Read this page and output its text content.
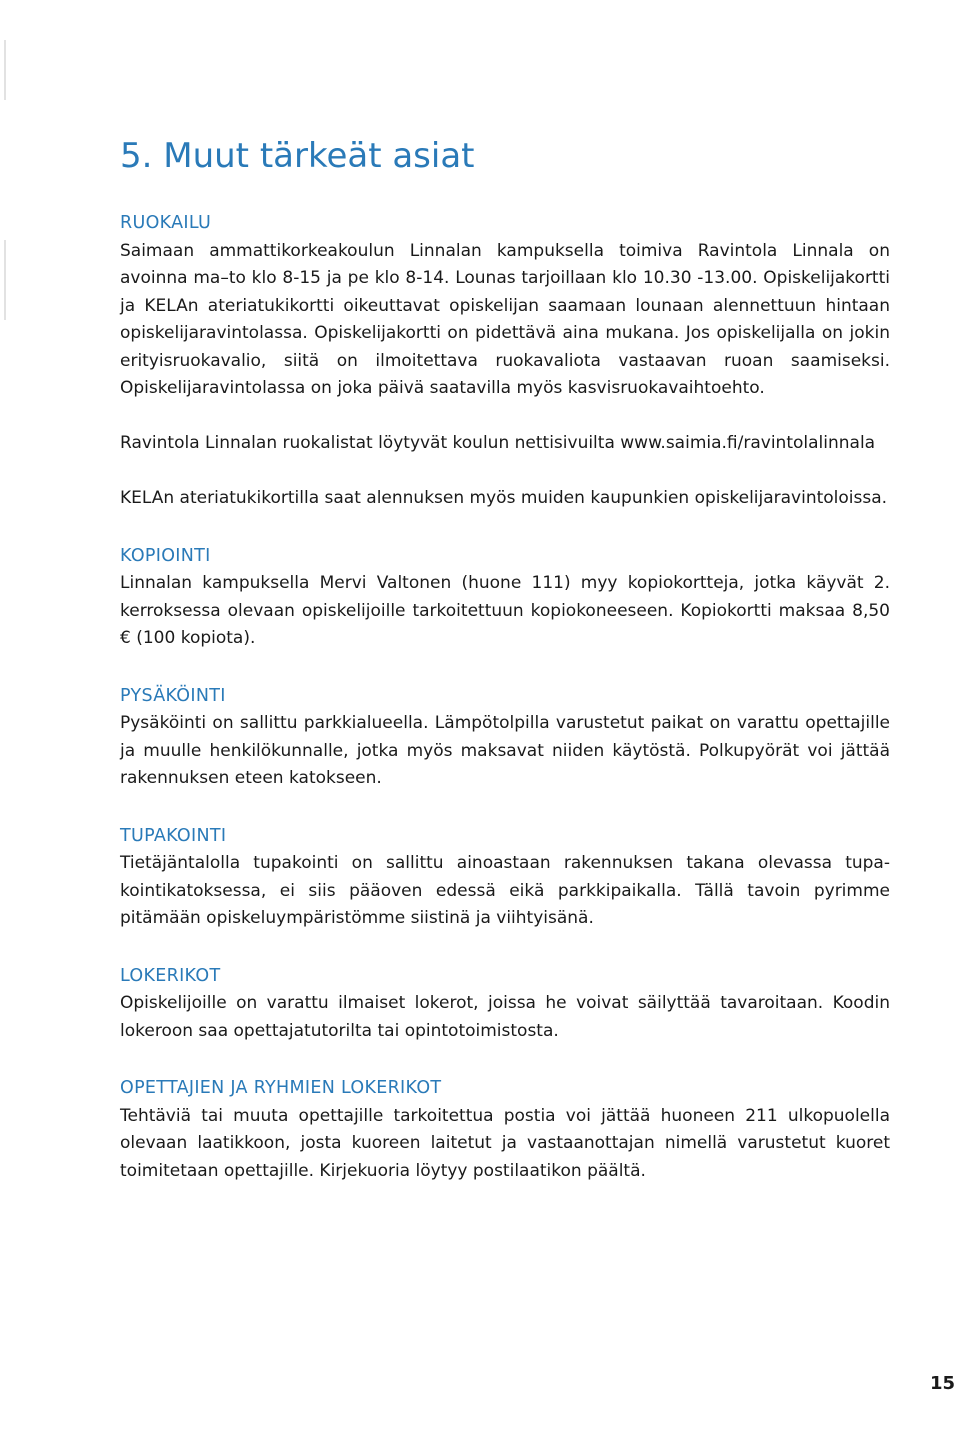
5. Muut tärkeät asiat
RUOKAILU

Saimaan ammattikorkeakoulun Linnalan kampuksella toimiva Ravintola Linnala on avoinna ma–to klo 8-15 ja pe klo 8-14. Lounas tarjoillaan klo 10.30 -13.00. Opiskelijakortti ja KELAn ateriatukikortti oikeuttavat opiskelijan saamaan lounaan alennettuun hintaan opiskelijaravintolassa. Opiskelijakortti on pidettävä aina mukana. Jos opiskelijalla on jokin erityisruokavalio, siitä on ilmoitettava ruokavaliota vastaavan ruoan saamiseksi. Opiskelijaravintolassa on joka päivä saatavilla myös kasvisruokavaihtoehto.

Ravintola Linnalan ruokalistat löytyvät koulun nettisivuilta www.saimia.fi/ravintolalinnala

KELAn ateriatukikortilla saat alennuksen myös muiden kaupunkien opiskelijaravintoloissa.

KOPIOINTI

Linnalan kampuksella Mervi Valtonen (huone 111) myy kopiokortteja, jotka käyvät 2. kerroksessa olevaan opiskelijoille tarkoitettuun kopiokoneeseen. Kopiokortti maksaa 8,50 € (100 kopiota).

PYSÄKÖINTI

Pysäköinti on sallittu parkkialueella. Lämpötolpilla varustetut paikat on varattu opettajille ja muulle henkilökunnalle, jotka myös maksavat niiden käytöstä. Polkupyörät voi jättää rakennuksen eteen katokseen.

TUPAKOINTI

Tietäjäntalolla tupakointi on sallittu ainoastaan rakennuksen takana olevassa tupakointikatoksessa, ei siis pääoven edessä eikä parkkipaikalla. Tällä tavoin pyrimme pitämään opiskeluympäristömme siistinä ja viihtyisänä.

LOKERIKOT

Opiskelijoille on varattu ilmaiset lokerot, joissa he voivat säilyttää tavaroitaan. Koodin lokeroon saa opettajatutorilta tai opintotoimistosta.

OPETTAJIEN JA RYHMIEN LOKERIKOT

Tehtäviä tai muuta opettajille tarkoitettua postia voi jättää huoneen 211 ulkopuolella olevaan laatikkoon, josta kuoreen laitetut ja vastaanottajan nimellä varustetut kuoret toimitetaan opettajille. Kirjekuoria löytyy postilaatikon päältä.

15
